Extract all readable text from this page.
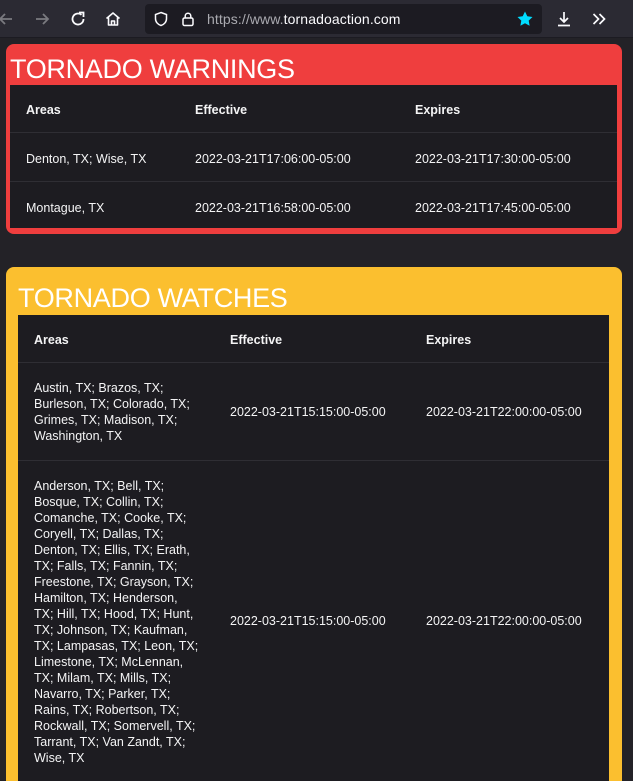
https://www.tornadoaction.com
TORNADO WARNINGS
Areas	Effective	Expires
Denton, TX; Wise, TX	2022-03-21T17:06:00-05:00	2022-03-21T17:30:00-05:00
Montague, TX	2022-03-21T16:58:00-05:00	2022-03-21T17:45:00-05:00
TORNADO WATCHES
Areas	Effective	Expires
Austin, TX; Brazos, TX;
Burleson, TX; Colorado, TX;
Grimes, TX; Madison, TX;
Washington, TX
2022-03-21T15:15:00-05:00	2022-03-21T22:00:00-05:00
Anderson, TX; Bell, TX;
Bosque, TX; Collin, TX;
Comanche, TX; Cooke, TX;
Coryell, TX; Dallas, TX;
Denton, TX; Ellis, TX; Erath,
TX; Falls, TX; Fannin, TX;
Freestone, TX; Grayson, TX;
Hamilton, TX; Henderson,
TX; Hill, TX; Hood, TX; Hunt,
TX; Johnson, TX; Kaufman,
TX; Lampasas, TX; Leon, TX;
Limestone, TX; McLennan,
TX; Milam, TX; Mills, TX;
Navarro, TX; Parker, TX;
Rains, TX; Robertson, TX;
Rockwall, TX; Somervell, TX;
Tarrant, TX; Van Zandt, TX;
Wise, TX
2022-03-21T15:15:00-05:00	2022-03-21T22:00:00-05:00
